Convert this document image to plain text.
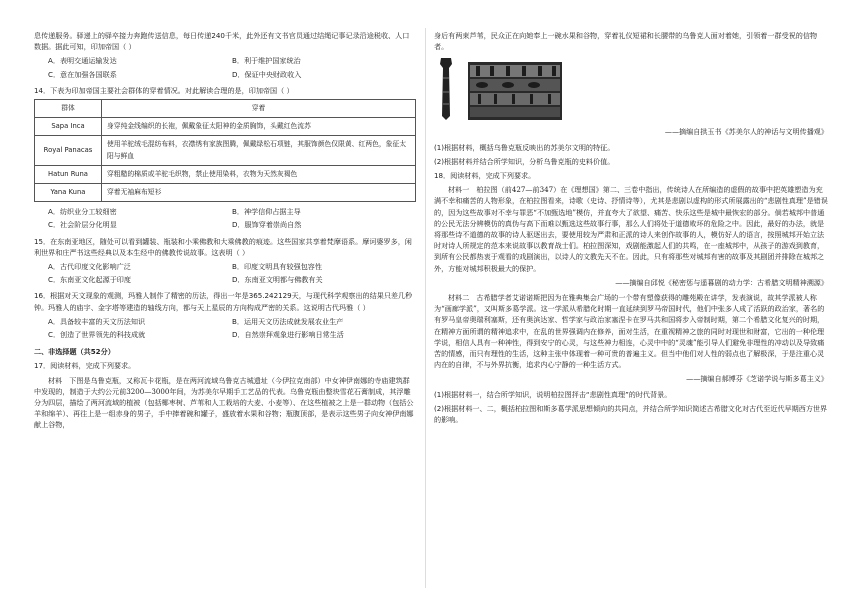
息传递服务。驿递上的驿卒接力奔跑传送信息，每日传递240千米，此外还有文书官员通过结绳记事记录沿途税收、人口数据。据此可知，印加帝国（ ）

A．表明交通运输发达	B．利于维护国家统治
C．意在加强各国联系	D．保证中央财政收入

14．下表为印加帝国主要社会群体的穿着情况。对此解读合理的是，印加帝国（ ）

群体	穿着
Sapa Inca	身穿纯金线编织的长袍，佩戴象征太阳神的金质胸饰，头戴红色流苏
Royal Panacas	使用羊驼绒毛混纺布料，衣襟绣有家族图腾，佩戴绿松石项链，其服饰颜色仅限黄、红两色，象征太阳与鲜血
Hatun Runa	穿粗糙的棉质或羊驼毛织物，禁止使用染料，衣物为天然灰褐色
Yana Kuna	穿着无袖麻布短衫
A．纺织业分工较细密	B．神学信仰占据主导
C．社会阶层分化明显	D．服饰穿着崇尚自然

15．在东南亚地区，随处可以看到罐装、瓶装和小乘佛教和大乘佛教的痕迹。这些国家共享着梵摩语系。摩诃婆罗多，闲利世界和庄严书这些经典以及本生经中的佛教传说故事。这表明（ ）

A．古代印度文化影响广泛	B．印度文明具有较强包容性
C．东南亚文化起源于印度	D．东南亚文明都与佛教有关

16．根据对天文现象的观测，玛雅人制作了精密的历法，得出一年是365.242129天，与现代科学观察出的结果只差几秒钟。玛雅人的庙宇、金字塔等建造的轴线方向，都与天上星辰的方向构成严密的关系。这说明古代玛雅（ ）

A．具备较丰富的天文历法知识	B．运用天文历法成就发展农业生产
C．创造了世界领先的科技成就	D．自然崇拜观象进行影响日常生活

二、非选择题（共52分）

17．阅读材料，完成下列要求。

材料　下图是乌鲁克瓶，又称瓦卡花瓶，是在两河流域乌鲁克古城遗址（今伊拉克南部）中女神伊南娜的寺庙建筑群中发现的，制造于大约公元前3200—3000年间，为苏美尔早期手工艺品的代表。乌鲁克瓶由整块雪花石膏制成，其浮雕分为四层，描绘了两河流域的植被（包括椰枣树、芦苇和人工栽培的大麦、小麦等）、在这些植被之上是一群动物（包括公羊和绵羊）、再往上是一组赤身的男子，手中捧着碗和罐子，盛放着水果和谷物；瓶腹顶部，是表示这些男子向女神伊南娜献上谷物，

身后有两束芦苇，民众正在向她奉上一碗水果和谷物，穿着礼仪短裙和长腰带的乌鲁克人面对着她，引领着一群受祝的信物者。

——摘编自拱玉书《苏美尔人的神话与文明传播观》

(1)根据材料，概括乌鲁克瓶反映出的苏美尔文明的特征。

(2)根据材料并结合所学知识，分析乌鲁克瓶的史料价值。

18．阅读材料，完成下列要求。

材料一　柏拉图（前427—前347）在《理想国》第二、三卷中指出，传统诗人在所编造的虚假的故事中把英雄塑造为充满不幸和痛苦的人物形象，在柏拉图看来，诗歌（史诗、抒情诗等），尤其是悲剧以虚构的形式所展露出的“悲剧性真理”是错误的，因为这些故事对不幸与罪恶“不加甄选地”模仿，并直夸大了欲望、痛苦、快乐这些是城中最恢宏的部分。倘若城邦中普通的公民无法分辨模仿的真伪与高下而难以甄选这些故事行事，那么人们将处于道德败坏的危险之中。因此，最好的办法，就是将那些诗不道德的故事的诗人驱逐出去，要使用较为严肃和正派的诗人来创作故事的人，模仿好人的语言，按照城邦开始立法时对诗人所规定的范本来说故事以教育战士们。柏拉图深知，戏剧能激起人们的共鸣，在一座城邦中，从孩子的游戏到教育，到所有公民都热衷于观看的戏剧演出，以诗人的文教先天不在。因此，只有将那些对城邦有害的故事及其剧团并排除在城邦之外，方能对城邦积极最大的保护。

——摘编自邱悦《秘密惩与遥暮剧的动力学：古希腊文明精神溯源》

材料二　古希腊学者艾诺诺斯把因为在雅典集会广场的一个带有塑像获得的雕苑殿在讲学，发表演说，故其学派被人称为“画廊学派”，又叫斯多葛学派。这一学派从希腊化时期一直延续到罗马帝国时代，他们中张多人成了活跃的政治家，著名的有罗马皇帝奥瑞利塞斯，还有奥滨达家、哲学家与政治家塞涅卡在罗马共和国将步入帝制时期，第二个希腊文化复兴的时期，在精神方面所谓的精神追求中，在乱的世界强调内在修养，面对生活，在重视精神之旅的同时对现世和财富，它出的一种伦理学说，相信人具有一种神性，得到安宁的心灵，与这些神力相连，心灵中中的“灵魂”能引导人们避免非理性的冲动以及导致痛苦的情感，而只有理性的生活，这种主张中体现着一种可贵的普遍主义。但当中他们对人性的弱点也了解极深，于是注重心灵内在的自律，不与外界抗衡，追求内心宁静的一种生活方式。

——摘编自郝博芬《芝诺学说与斯多葛主义》

(1)根据材料一，结合所学知识，说明柏拉图抨击“悲剧性真理”的时代背景。

(2)根据材料一、二，概括柏拉图和斯多葛学派思想倾向的共同点，并结合所学知识简述古希腊文化对古代至近代早期西方世界的影响。
